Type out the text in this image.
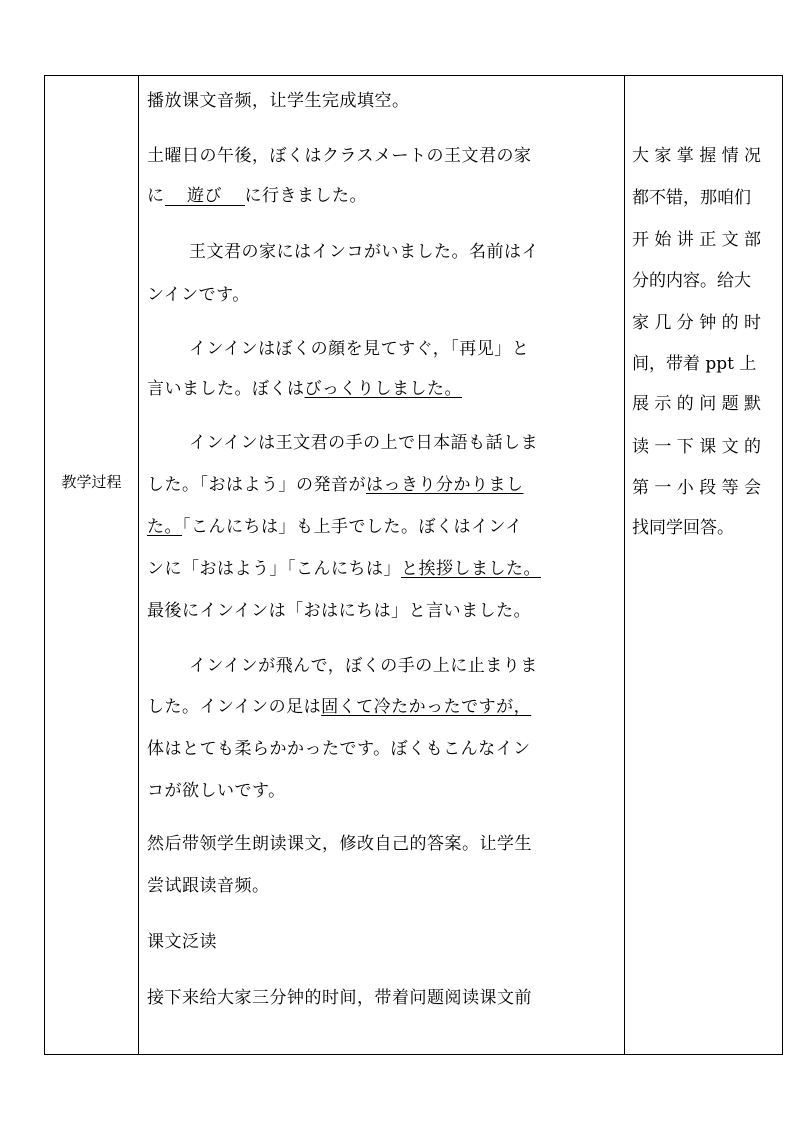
教学过程
播放课文音频，让学生完成填空。
土曜日の午後，ぼくはクラスメートの王文君の家
に 遊び に行きました。
王文君の家にはインコがいました。名前はイ
ンインです。
インインはぼくの顔を見てすぐ，「再见」と
言いました。ぼくはびっくりしました。
インインは王文君の手の上で日本語も話しま
した。「おはよう」の発音がはっきり分かりまし
た。「こんにちは」も上手でした。ぼくはインイ
ンに「おはよう」「こんにちは」と挨拶しました。
最後にインインは「おはにちは」と言いました。
インインが飛んで，ぼくの手の上に止まりま
した。インインの足は固くて冷たかったですが，
体はとても柔らかかったです。ぼくもこんなイン
コが欲しいです。
然后带领学生朗读课文，修改自己的答案。让学生
尝试跟读音频。
课文泛读
接下来给大家三分钟的时间，带着问题阅读课文前
大 家 掌 握 情 况
都不错，那咱们
开 始 讲 正 文 部
分的内容。给大
家 几 分 钟 的 时
间，带着 ppt 上
展 示 的 问 题 默
读 一 下 课 文 的
第 一 小 段 等 会
找同学回答。
